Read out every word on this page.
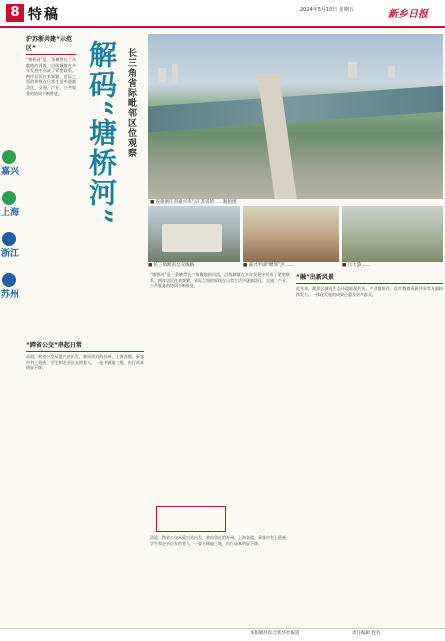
8 特稿	2024年5月10日 星期五	新乡日报
解码“塘桥河” 长三角省际毗邻区位观察
■ 连接浙江省嘉兴市与江苏省的……航拍图
■ 长三角跨省公交线路	■ 嘉兴平湖“毗邻”区……	■ 江上游……
嘉兴
上海
浙江
苏州
沪苏浙共建“示范区”
“塘桥河”是一条横贯长三角腹地的河流，沿线城镇在多年发展中形成了紧密联系。两岸居民往来频繁，省际之间的界线在日常生活中逐渐淡化，交通、产业、公共服务的协同不断推进。
“跨省公交”串起日常
清晨，跨省公交从嘉兴站出发，驶向邻近的苏州、上海各镇。乘客中有上班族、学生和走亲访友的老人，一张卡刷遍三地，出行成本明显下降。
“塘桥河”是一条横贯长三角腹地的河流，沿线城镇在多年发展中形成了紧密联系。两岸居民往来频繁，省际之间的界线在日常生活中逐渐淡化，交通、产业、公共服务的协同不断推进。
“融”出新风景
近年来，毗邻区域在生态环境联保共治、产业链协作、医疗教育资源共享等方面持续发力，一体化发展的成果正惠及更多群众。
清晨，跨省公交从嘉兴站出发，驶向邻近的苏州、上海各镇。乘客中有上班族、学生和走亲访友的老人，一张卡刷遍三地，出行成本明显下降。
责任编辑 姓名
本版稿件综合新华社报道
